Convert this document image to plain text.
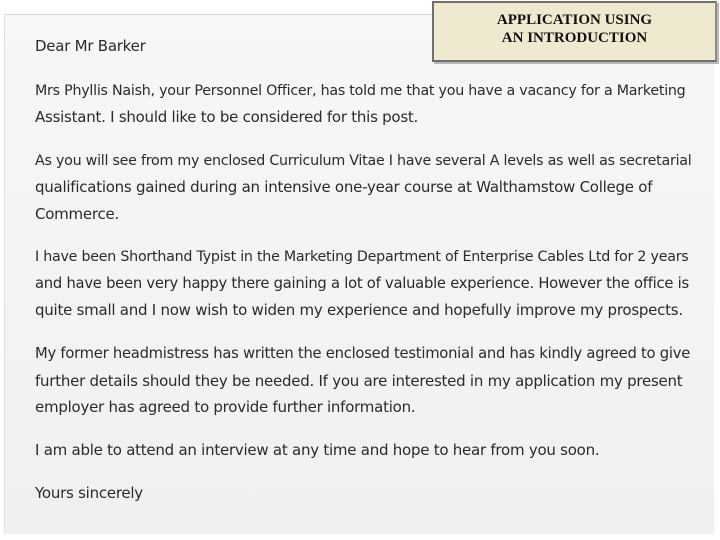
Dear Mr Barker

Mrs Phyllis Naish, your Personnel Officer, has told me that you have a vacancy for a Marketing

Assistant. I should like to be considered for this post.

As you will see from my enclosed Curriculum Vitae I have several A levels as well as secretarial

qualifications gained during an intensive one-year course at Walthamstow College of

Commerce.

I have been Shorthand Typist in the Marketing Department of Enterprise Cables Ltd for 2 years

and have been very happy there gaining a lot of valuable experience. However the office is

quite small and I now wish to widen my experience and hopefully improve my prospects.

My former headmistress has written the enclosed testimonial and has kindly agreed to give

further details should they be needed. If you are interested in my application my present

employer has agreed to provide further information.

I am able to attend an interview at any time and hope to hear from you soon.

Yours sincerely

APPLICATION USING
AN INTRODUCTION
